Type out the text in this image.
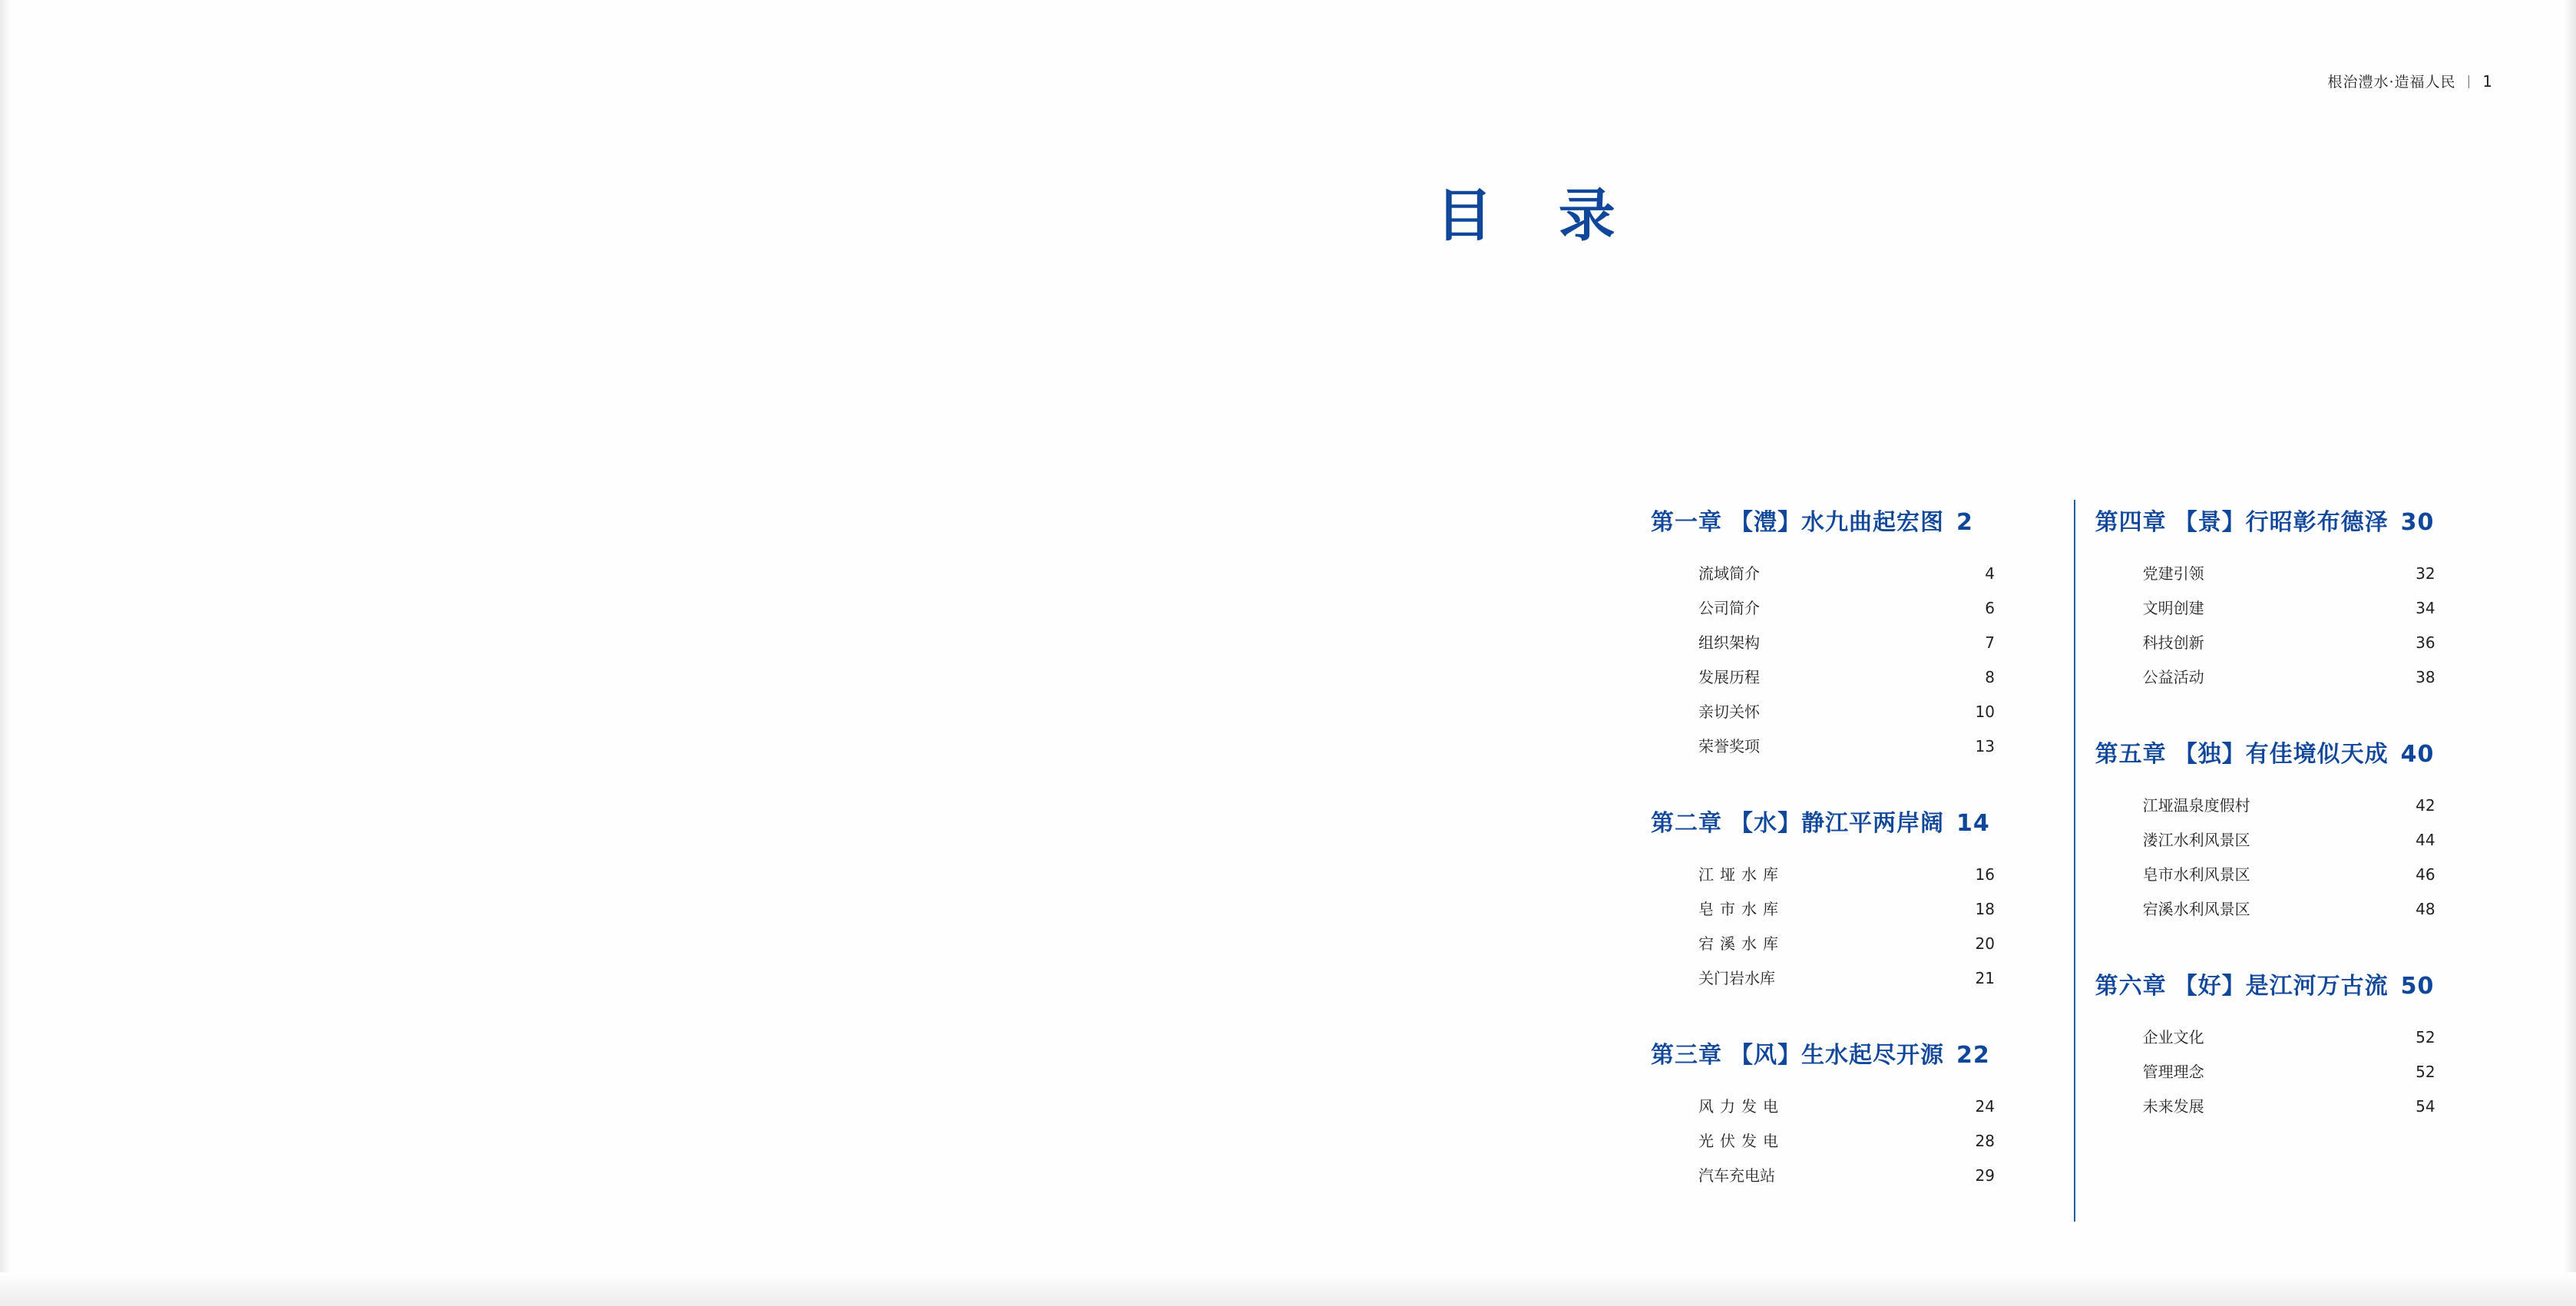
根治澧水·造福人民 | 1
目 录
第一章 【澧】水九曲起宏图 2
流域简介	4
公司简介	6
组织架构	7
发展历程	8
亲切关怀	10
荣誉奖项	13
第二章 【水】静江平两岸阔 14
江垭水库	16
皂市水库	18
宕溪水库	20
关门岩水库	21
第三章 【风】生水起尽开源 22
风力发电	24
光伏发电	28
汽车充电站	29
第四章 【景】行昭彰布德泽 30
党建引领	32
文明创建	34
科技创新	36
公益活动	38
第五章 【独】有佳境似天成 40
江垭温泉度假村	42
溇江水利风景区	44
皂市水利风景区	46
宕溪水利风景区	48
第六章 【好】是江河万古流 50
企业文化	52
管理理念	52
未来发展	54
